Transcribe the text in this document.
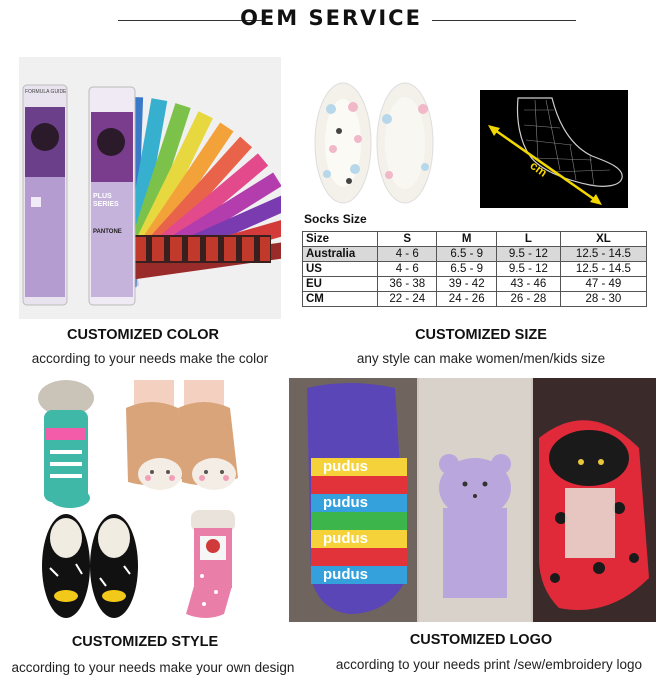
OEM SERVICE
FORMULA GUIDE
PLUS SERIES
PANTONE
cm
Socks Size
Size	S	M	L	XL
Australia	4 - 6	6.5 - 9	9.5 - 12	12.5 - 14.5
US	4 - 6	6.5 - 9	9.5 - 12	12.5 - 14.5
EU	36 - 38	39 - 42	43 - 46	47 - 49
CM	22 - 24	24 - 26	26 - 28	28 - 30
CUSTOMIZED COLOR
according to your needs make the color
CUSTOMIZED SIZE
any style can make women/men/kids size
pudus
pudus
pudus
pudus
CUSTOMIZED STYLE
according to your needs make your own design
CUSTOMIZED LOGO
according to your needs print /sew/embroidery logo
